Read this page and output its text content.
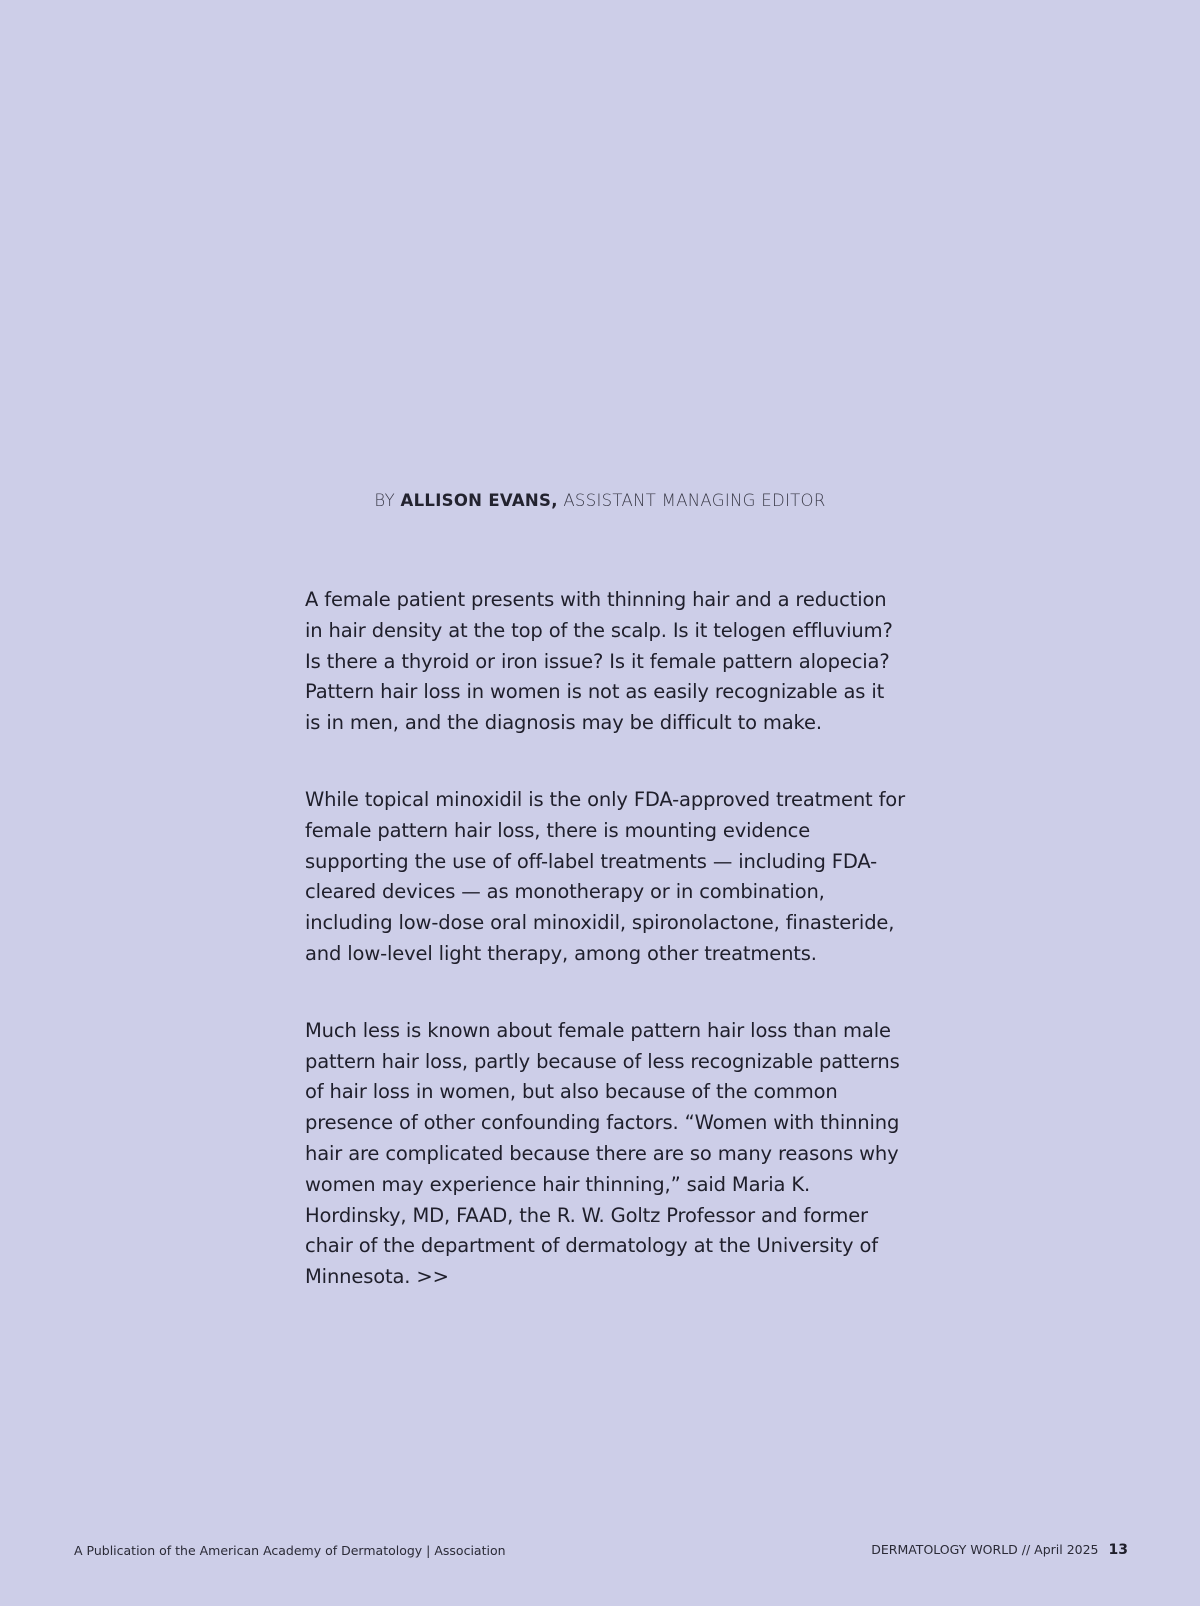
BY ALLISON EVANS, ASSISTANT MANAGING EDITOR

A female patient presents with thinning hair and a reduction in hair density at the top of the scalp. Is it telogen effluvium? Is there a thyroid or iron issue? Is it female pattern alopecia? Pattern hair loss in women is not as easily recognizable as it is in men, and the diagnosis may be difficult to make.

While topical minoxidil is the only FDA-approved treatment for female pattern hair loss, there is mounting evidence supporting the use of off-label treatments — including FDA-cleared devices — as monotherapy or in combination, including low-dose oral minoxidil, spironolactone, finasteride, and low-level light therapy, among other treatments.

Much less is known about female pattern hair loss than male pattern hair loss, partly because of less recognizable patterns of hair loss in women, but also because of the common presence of other confounding factors. “Women with thinning hair are complicated because there are so many reasons why women may experience hair thinning,” said Maria K. Hordinsky, MD, FAAD, the R. W. Goltz Professor and former chair of the department of dermatology at the University of Minnesota. >>

A Publication of the American Academy of Dermatology | Association	DERMATOLOGY WORLD // April 2025 13
